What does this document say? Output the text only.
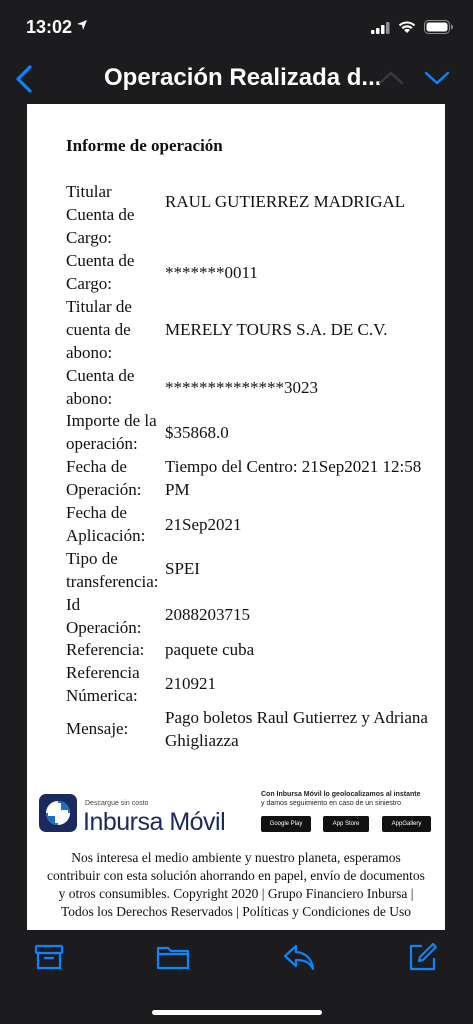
13:02
Operación Realizada d...
Informe de operación
Titular Cuenta de Cargo:
RAUL GUTIERREZ MADRIGAL
Cuenta de Cargo:
*******0011
Titular de cuenta de abono:
MERELY TOURS S.A. DE C.V.
Cuenta de abono:
**************3023
Importe de la operación:
$35868.0
Fecha de Operación:
Tiempo del Centro: 21Sep2021 12:58 PM
Fecha de Aplicación:
21Sep2021
Tipo de transferencia:
SPEI
Id Operación:
2088203715
Referencia:	paquete cuba
Referencia Númerica:
210921
Mensaje:
Pago boletos Raul Gutierrez y Adriana Ghigliazza
Descargue sin costo
Inbursa Móvil
Con Inbursa Móvil lo geolocalizamos al instante
y damos seguimiento en caso de un siniestro
Google Play	App Store	AppGallery
Nos interesa el medio ambiente y nuestro planeta, esperamos contribuir con esta solución ahorrando en papel, envío de documentos y otros consumibles. Copyright 2020 | Grupo Financiero Inbursa | Todos los Derechos Reservados | Políticas y Condiciones de Uso
